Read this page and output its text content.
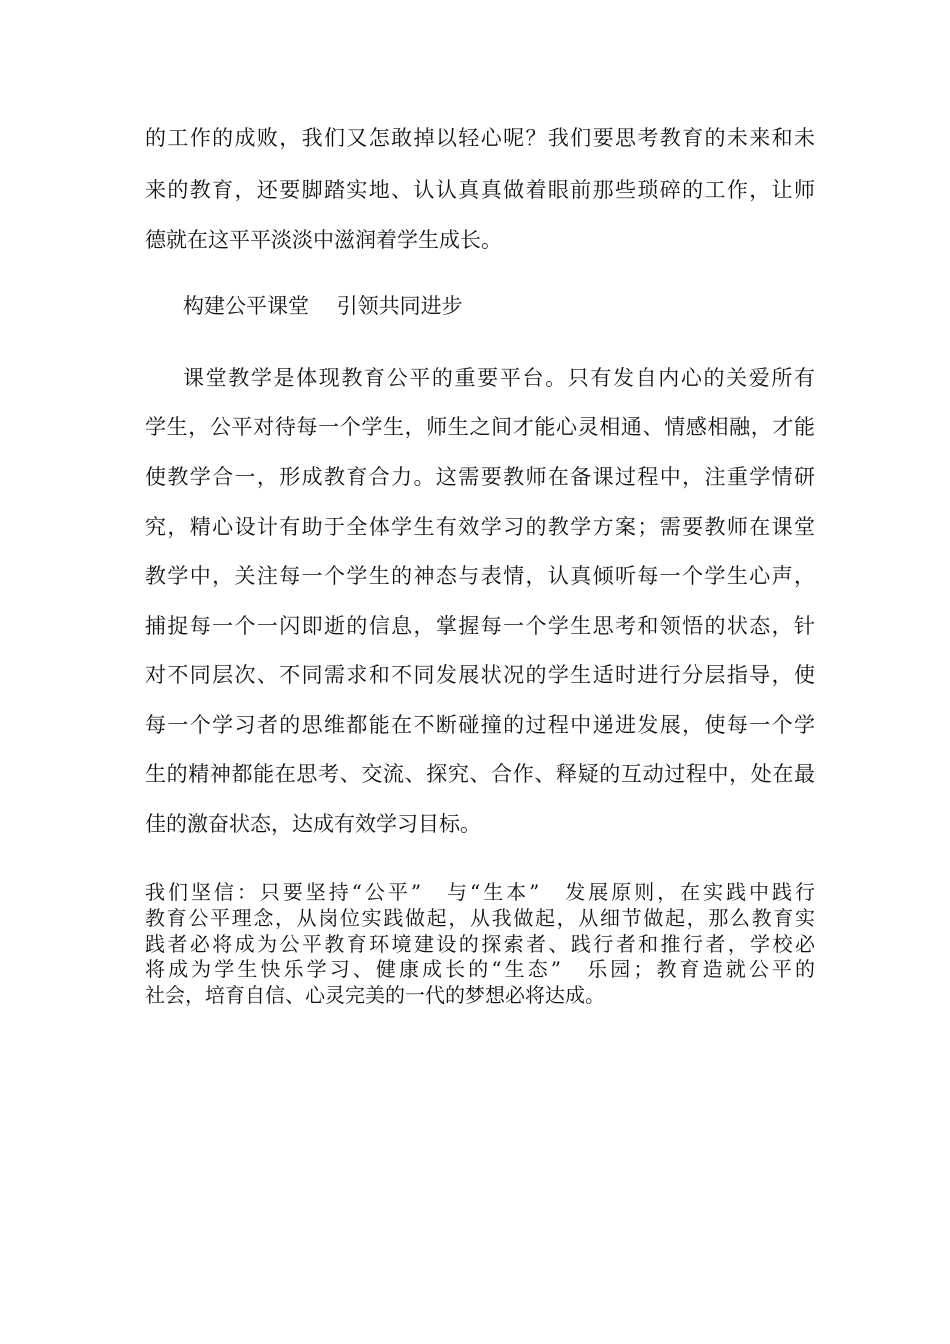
的工作的成败，我们又怎敢掉以轻心呢？我们要思考教育的未来和未
来的教育，还要脚踏实地、认认真真做着眼前那些琐碎的工作，让师
德就在这平平淡淡中滋润着学生成长。
构建公平课堂　 引领共同进步
课堂教学是体现教育公平的重要平台。只有发自内心的关爱所有
学生，公平对待每一个学生，师生之间才能心灵相通、情感相融，才能
使教学合一，形成教育合力。这需要教师在备课过程中，注重学情研
究，精心设计有助于全体学生有效学习的教学方案；需要教师在课堂
教学中，关注每一个学生的神态与表情，认真倾听每一个学生心声，
捕捉每一个一闪即逝的信息，掌握每一个学生思考和领悟的状态，针
对不同层次、不同需求和不同发展状况的学生适时进行分层指导，使
每一个学习者的思维都能在不断碰撞的过程中递进发展，使每一个学
生的精神都能在思考、交流、探究、合作、释疑的互动过程中，处在最
佳的激奋状态，达成有效学习目标。
我们坚信：只要坚持“公平”　与“生本”　发展原则，在实践中践行
教育公平理念，从岗位实践做起，从我做起，从细节做起，那么教育实
践者必将成为公平教育环境建设的探索者、践行者和推行者，学校必
将成为学生快乐学习、健康成长的“生态”　乐园；教育造就公平的
社会，培育自信、心灵完美的一代的梦想必将达成。
